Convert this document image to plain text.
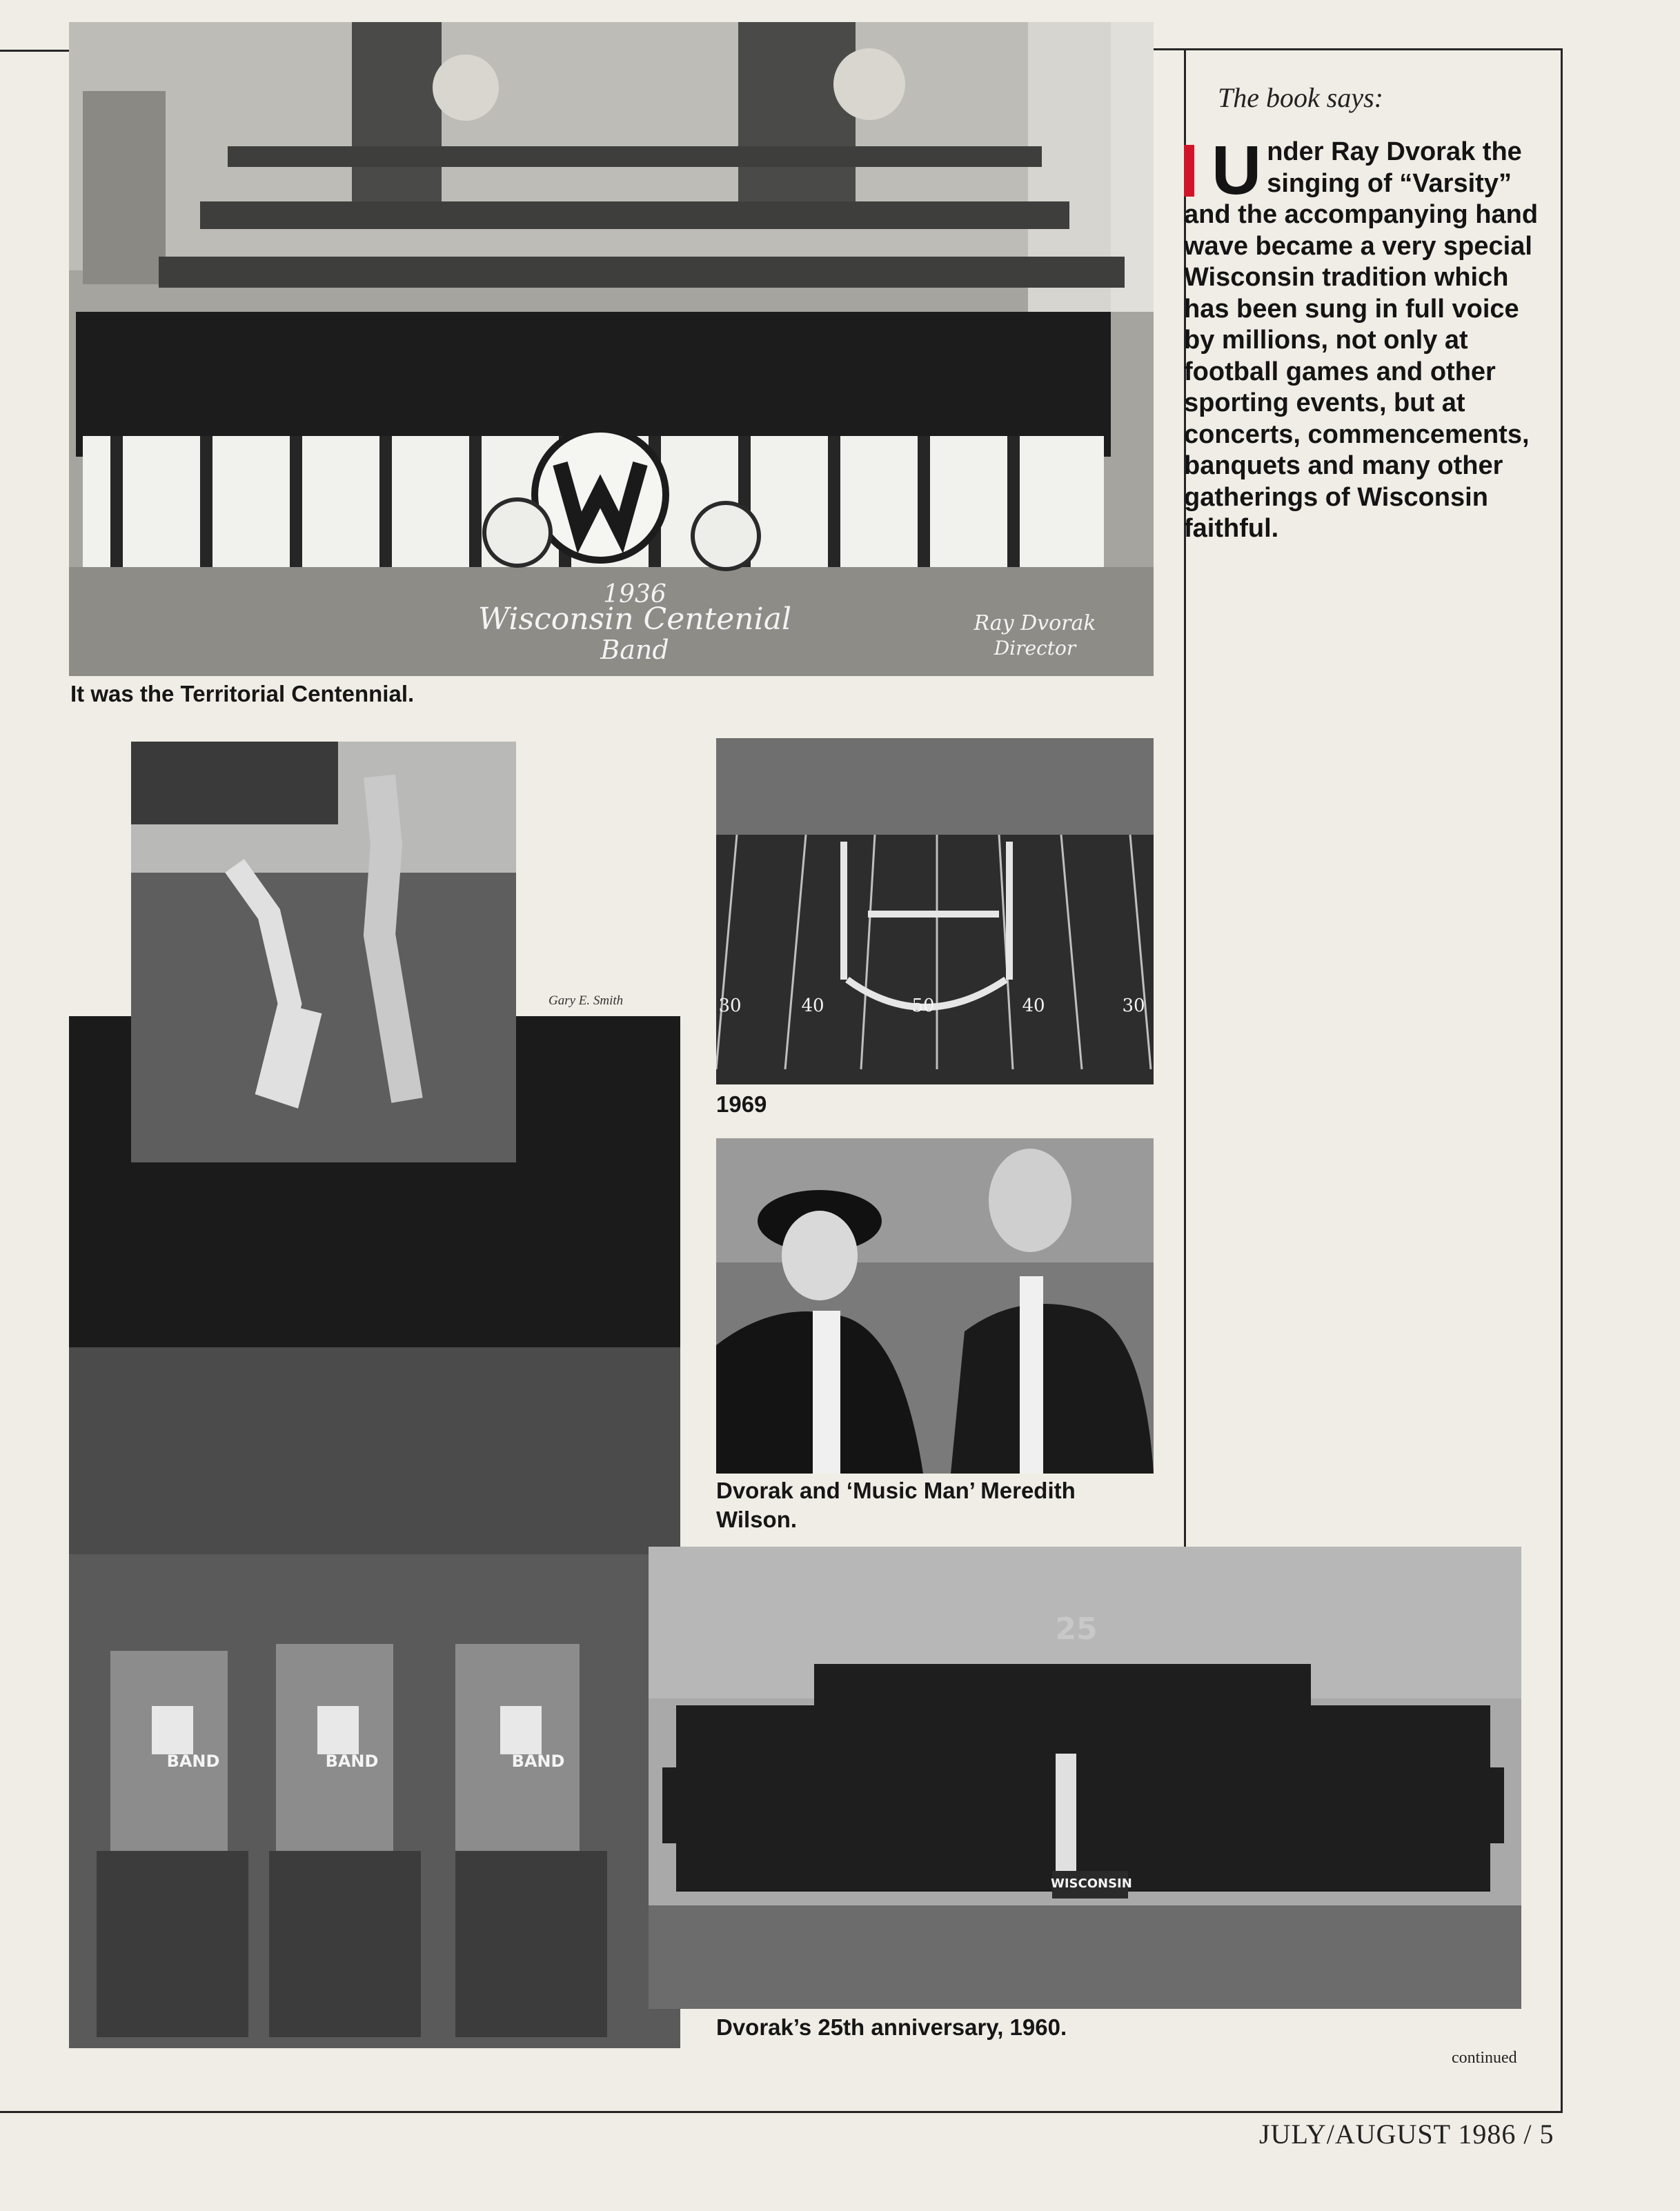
1936
Wisconsin Centenial
Band
Ray Dvorak
Director
It was the Territorial Centennial.
BAND	BAND	BAND
Gary E. Smith	30	40	50	40	30
1969
Dvorak and ‘Music Man’ Meredith Wilson.
WISCONSIN
25
Dvorak’s 25th anniversary, 1960.
The book says:
Under Ray Dvorak the singing of “Varsity” and the accompanying hand wave became a very special Wisconsin tradition which has been sung in full voice by millions, not only at football games and other sporting events, but at concerts, commencements, banquets and many other gatherings of Wisconsin faithful.
continued
JULY/AUGUST 1986 / 5
